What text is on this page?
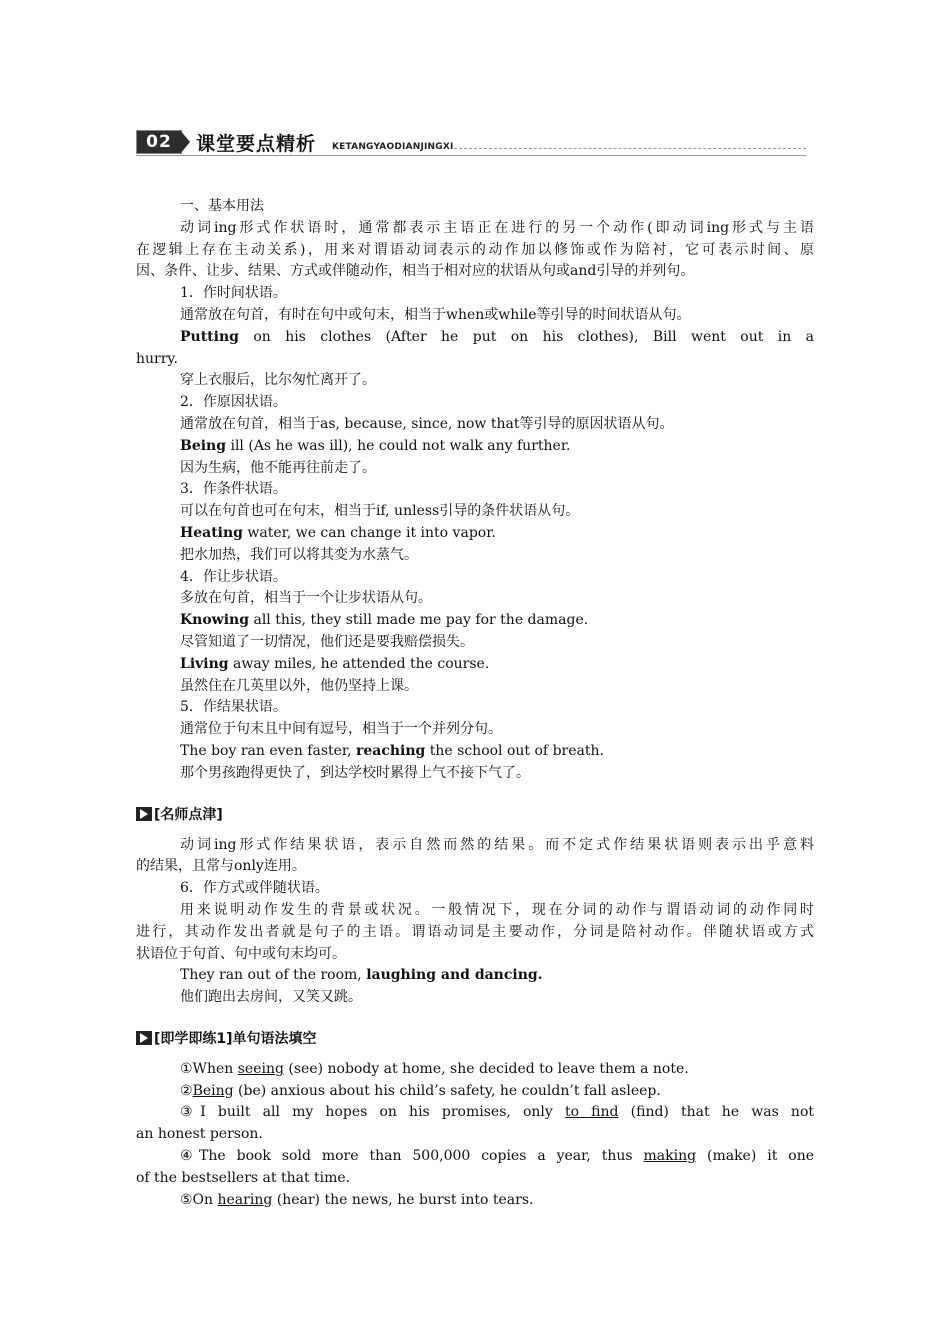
02	课堂要点精析 KETANGYAODIANJINGXI
一、基本用法
动词ing形式作状语时，通常都表示主语正在进行的另一个动作(即动词ing形式与主语
在逻辑上存在主动关系)，用来对谓语动词表示的动作加以修饰或作为陪衬，它可表示时间、原
因、条件、让步、结果、方式或伴随动作，相当于相对应的状语从句或and引导的并列句。
1．作时间状语。
通常放在句首，有时在句中或句末，相当于when或while等引导的时间状语从句。
Putting on his clothes (After he put on his clothes), Bill went out in a
hurry.
穿上衣服后，比尔匆忙离开了。
2．作原因状语。
通常放在句首，相当于as, because, since, now that等引导的原因状语从句。
Being ill (As he was ill), he could not walk any further.
因为生病，他不能再往前走了。
3．作条件状语。
可以在句首也可在句末，相当于if, unless引导的条件状语从句。
Heating water, we can change it into vapor.
把水加热，我们可以将其变为水蒸气。
4．作让步状语。
多放在句首，相当于一个让步状语从句。
Knowing all this, they still made me pay for the damage.
尽管知道了一切情况，他们还是要我赔偿损失。
Living away miles, he attended the course.
虽然住在几英里以外，他仍坚持上课。
5．作结果状语。
通常位于句末且中间有逗号，相当于一个并列分句。
The boy ran even faster, reaching the school out of breath.
那个男孩跑得更快了，到达学校时累得上气不接下气了。
[名师点津]
动词ing形式作结果状语，表示自然而然的结果。而不定式作结果状语则表示出乎意料
的结果，且常与only连用。
6．作方式或伴随状语。
用来说明动作发生的背景或状况。一般情况下，现在分词的动作与谓语动词的动作同时
进行，其动作发出者就是句子的主语。谓语动词是主要动作，分词是陪衬动作。伴随状语或方式
状语位于句首、句中或句末均可。
They ran out of the room, laughing and dancing.
他们跑出去房间，又笑又跳。
[即学即练1]单句语法填空
①When seeing (see) nobody at home, she decided to leave them a note.
②Being (be) anxious about his child’s safety, he couldn’t fall asleep.
③I built all my hopes on his promises, only to find (find) that he was not
an honest person.
④The book sold more than 500,000 copies a year, thus making (make) it one
of the bestsellers at that time.
⑤On hearing (hear) the news, he burst into tears.
